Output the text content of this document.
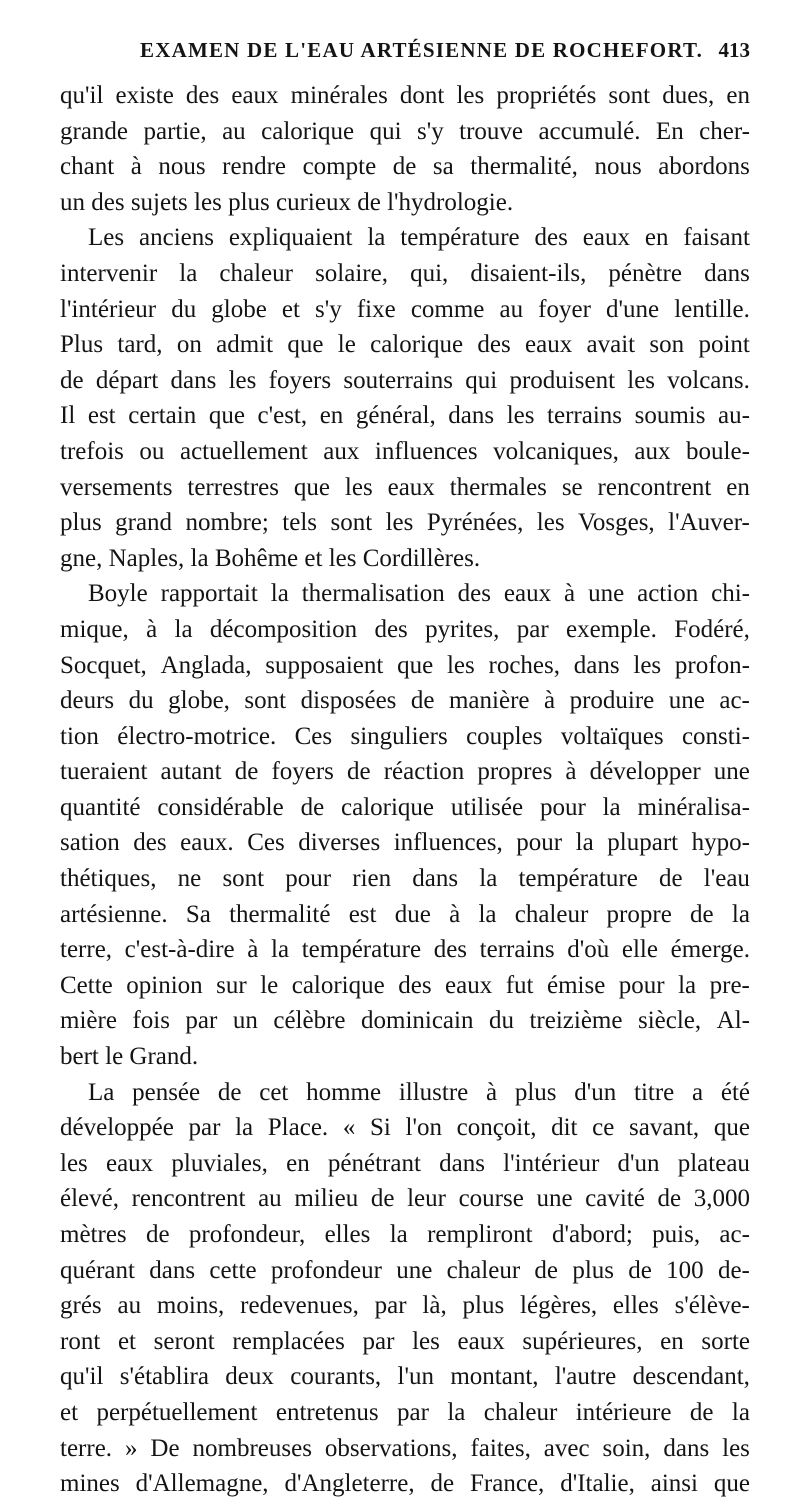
EXAMEN DE L'EAU ARTÉSIENNE DE ROCHEFORT. 413
qu'il existe des eaux minérales dont les propriétés sont dues, en
grande partie, au calorique qui s'y trouve accumulé. En cher-
chant à nous rendre compte de sa thermalité, nous abordons
un des sujets les plus curieux de l'hydrologie.
Les anciens expliquaient la température des eaux en faisant
intervenir la chaleur solaire, qui, disaient-ils, pénètre dans
l'intérieur du globe et s'y fixe comme au foyer d'une lentille.
Plus tard, on admit que le calorique des eaux avait son point
de départ dans les foyers souterrains qui produisent les volcans.
Il est certain que c'est, en général, dans les terrains soumis au-
trefois ou actuellement aux influences volcaniques, aux boule-
versements terrestres que les eaux thermales se rencontrent en
plus grand nombre; tels sont les Pyrénées, les Vosges, l'Auver-
gne, Naples, la Bohême et les Cordillères.
Boyle rapportait la thermalisation des eaux à une action chi-
mique, à la décomposition des pyrites, par exemple. Fodéré,
Socquet, Anglada, supposaient que les roches, dans les profon-
deurs du globe, sont disposées de manière à produire une ac-
tion électro-motrice. Ces singuliers couples voltaïques consti-
tueraient autant de foyers de réaction propres à développer une
quantité considérable de calorique utilisée pour la minéralisa-
sation des eaux. Ces diverses influences, pour la plupart hypo-
thétiques, ne sont pour rien dans la température de l'eau
artésienne. Sa thermalité est due à la chaleur propre de la
terre, c'est-à-dire à la température des terrains d'où elle émerge.
Cette opinion sur le calorique des eaux fut émise pour la pre-
mière fois par un célèbre dominicain du treizième siècle, Al-
bert le Grand.
La pensée de cet homme illustre à plus d'un titre a été
développée par la Place. « Si l'on conçoit, dit ce savant, que
les eaux pluviales, en pénétrant dans l'intérieur d'un plateau
élevé, rencontrent au milieu de leur course une cavité de 3,000
mètres de profondeur, elles la rempliront d'abord; puis, ac-
quérant dans cette profondeur une chaleur de plus de 100 de-
grés au moins, redevenues, par là, plus légères, elles s'élève-
ront et seront remplacées par les eaux supérieures, en sorte
qu'il s'établira deux courants, l'un montant, l'autre descendant,
et perpétuellement entretenus par la chaleur intérieure de la
terre. » De nombreuses observations, faites, avec soin, dans les
mines d'Allemagne, d'Angleterre, de France, d'Italie, ainsi que
